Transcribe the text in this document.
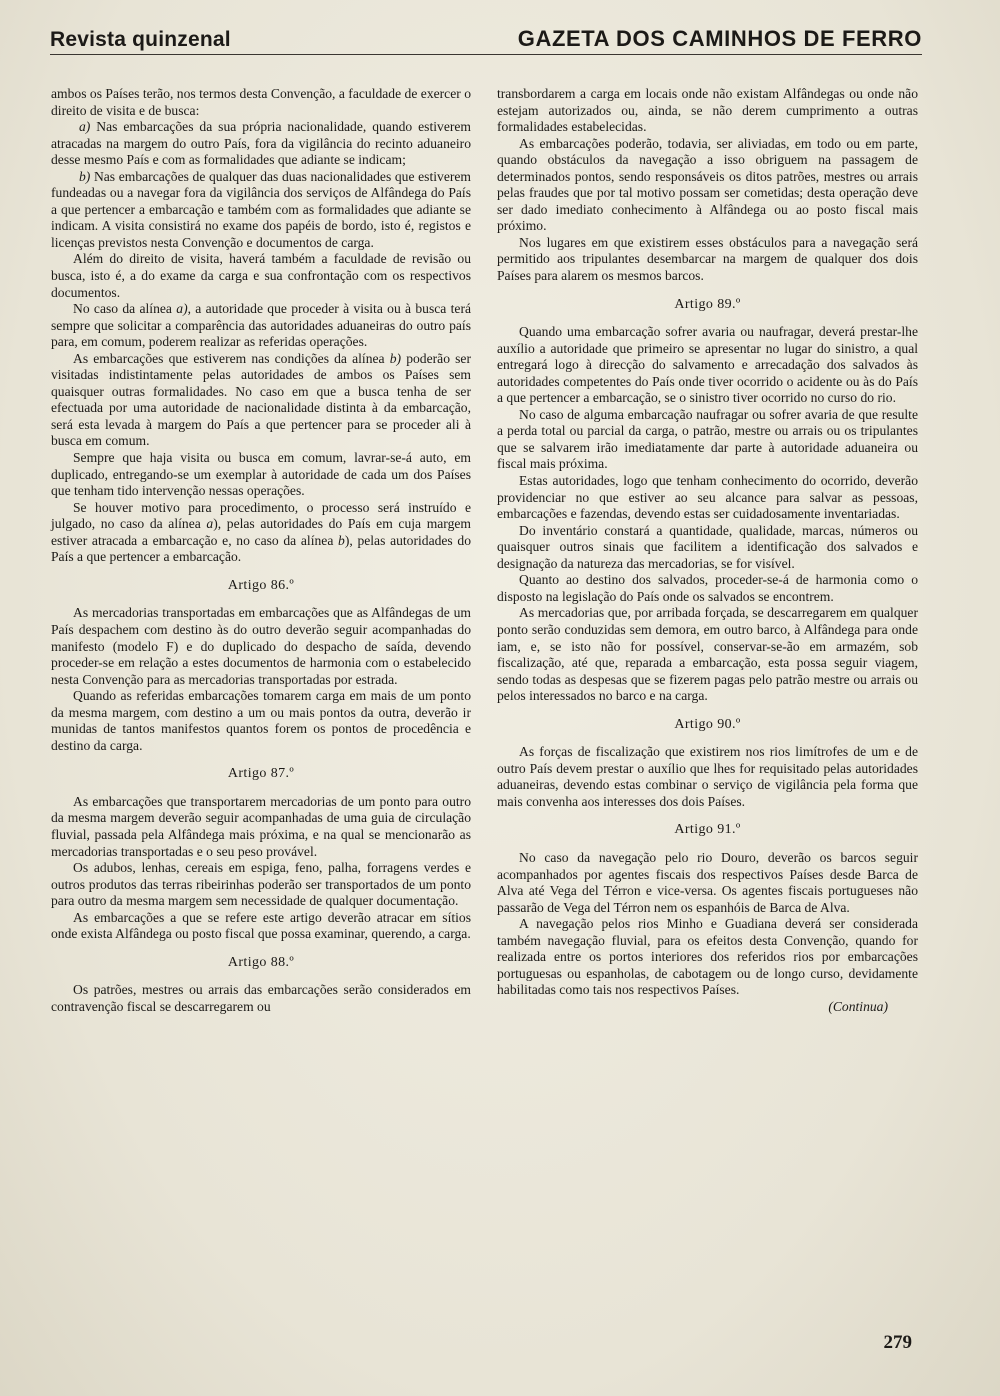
Revista quinzenal	GAZETA DOS CAMINHOS DE FERRO

ambos os Países terão, nos termos desta Convenção, a faculdade de exercer o direito de visita e de busca:

a) Nas embarcações da sua própria nacionalidade, quando estiverem atracadas na margem do outro País, fora da vigilância do recinto aduaneiro desse mesmo País e com as formalidades que adiante se indicam;

b) Nas embarcações de qualquer das duas nacionalidades que estiverem fundeadas ou a navegar fora da vigilância dos serviços de Alfândega do País a que pertencer a embarcação e também com as formalidades que adiante se indicam. A visita consistirá no exame dos papéis de bordo, isto é, registos e licenças previstos nesta Convenção e documentos de carga.

Além do direito de visita, haverá também a faculdade de revisão ou busca, isto é, a do exame da carga e sua confrontação com os respectivos documentos.

No caso da alínea a), a autoridade que proceder à visita ou à busca terá sempre que solicitar a comparência das autoridades aduaneiras do outro país para, em comum, poderem realizar as referidas operações.

As embarcações que estiverem nas condições da alínea b) poderão ser visitadas indistintamente pelas autoridades de ambos os Países sem quaisquer outras formalidades. No caso em que a busca tenha de ser efectuada por uma autoridade de nacionalidade distinta à da embarcação, será esta levada à margem do País a que pertencer para se proceder ali à busca em comum.

Sempre que haja visita ou busca em comum, lavrar-se-á auto, em duplicado, entregando-se um exemplar à autoridade de cada um dos Países que tenham tido intervenção nessas operações.

Se houver motivo para procedimento, o processo será instruído e julgado, no caso da alínea a), pelas autoridades do País em cuja margem estiver atracada a embarcação e, no caso da alínea b), pelas autoridades do País a que pertencer a embarcação.

Artigo 86.º

As mercadorias transportadas em embarcações que as Alfândegas de um País despachem com destino às do outro deverão seguir acompanhadas do manifesto (modelo F) e do duplicado do despacho de saída, devendo proceder-se em relação a estes documentos de harmonia com o estabelecido nesta Convenção para as mercadorias transportadas por estrada.

Quando as referidas embarcações tomarem carga em mais de um ponto da mesma margem, com destino a um ou mais pontos da outra, deverão ir munidas de tantos manifestos quantos forem os pontos de procedência e destino da carga.

Artigo 87.º

As embarcações que transportarem mercadorias de um ponto para outro da mesma margem deverão seguir acompanhadas de uma guia de circulação fluvial, passada pela Alfândega mais próxima, e na qual se mencionarão as mercadorias transportadas e o seu peso provável.

Os adubos, lenhas, cereais em espiga, feno, palha, forragens verdes e outros produtos das terras ribeirinhas poderão ser transportados de um ponto para outro da mesma margem sem necessidade de qualquer documentação.

As embarcações a que se refere este artigo deverão atracar em sítios onde exista Alfândega ou posto fiscal que possa examinar, querendo, a carga.

Artigo 88.º

Os patrões, mestres ou arrais das embarcações serão considerados em contravenção fiscal se descarregarem ou

transbordarem a carga em locais onde não existam Alfândegas ou onde não estejam autorizados ou, ainda, se não derem cumprimento a outras formalidades estabelecidas.

As embarcações poderão, todavia, ser aliviadas, em todo ou em parte, quando obstáculos da navegação a isso obriguem na passagem de determinados pontos, sendo responsáveis os ditos patrões, mestres ou arrais pelas fraudes que por tal motivo possam ser cometidas; desta operação deve ser dado imediato conhecimento à Alfândega ou ao posto fiscal mais próximo.

Nos lugares em que existirem esses obstáculos para a navegação será permitido aos tripulantes desembarcar na margem de qualquer dos dois Países para alarem os mesmos barcos.

Artigo 89.º

Quando uma embarcação sofrer avaria ou naufragar, deverá prestar-lhe auxílio a autoridade que primeiro se apresentar no lugar do sinistro, a qual entregará logo à direcção do salvamento e arrecadação dos salvados às autoridades competentes do País onde tiver ocorrido o acidente ou às do País a que pertencer a embarcação, se o sinistro tiver ocorrido no curso do rio.

No caso de alguma embarcação naufragar ou sofrer avaria de que resulte a perda total ou parcial da carga, o patrão, mestre ou arrais ou os tripulantes que se salvarem irão imediatamente dar parte à autoridade aduaneira ou fiscal mais próxima.

Estas autoridades, logo que tenham conhecimento do ocorrido, deverão providenciar no que estiver ao seu alcance para salvar as pessoas, embarcações e fazendas, devendo estas ser cuidadosamente inventariadas.

Do inventário constará a quantidade, qualidade, marcas, números ou quaisquer outros sinais que facilitem a identificação dos salvados e designação da natureza das mercadorias, se for visível.

Quanto ao destino dos salvados, proceder-se-á de harmonia como o disposto na legislação do País onde os salvados se encontrem.

As mercadorias que, por arribada forçada, se descarregarem em qualquer ponto serão conduzidas sem demora, em outro barco, à Alfândega para onde iam, e, se isto não for possível, conservar-se-ão em armazém, sob fiscalização, até que, reparada a embarcação, esta possa seguir viagem, sendo todas as despesas que se fizerem pagas pelo patrão mestre ou arrais ou pelos interessados no barco e na carga.

Artigo 90.º

As forças de fiscalização que existirem nos rios limítrofes de um e de outro País devem prestar o auxílio que lhes for requisitado pelas autoridades aduaneiras, devendo estas combinar o serviço de vigilância pela forma que mais convenha aos interesses dos dois Países.

Artigo 91.º

No caso da navegação pelo rio Douro, deverão os barcos seguir acompanhados por agentes fiscais dos respectivos Países desde Barca de Alva até Vega del Térron e vice-versa. Os agentes fiscais portugueses não passarão de Vega del Térron nem os espanhóis de Barca de Alva.

A navegação pelos rios Minho e Guadiana deverá ser considerada também navegação fluvial, para os efeitos desta Convenção, quando for realizada entre os portos interiores dos referidos rios por embarcações portuguesas ou espanholas, de cabotagem ou de longo curso, devidamente habilitadas como tais nos respectivos Países.

(Continua)

279
